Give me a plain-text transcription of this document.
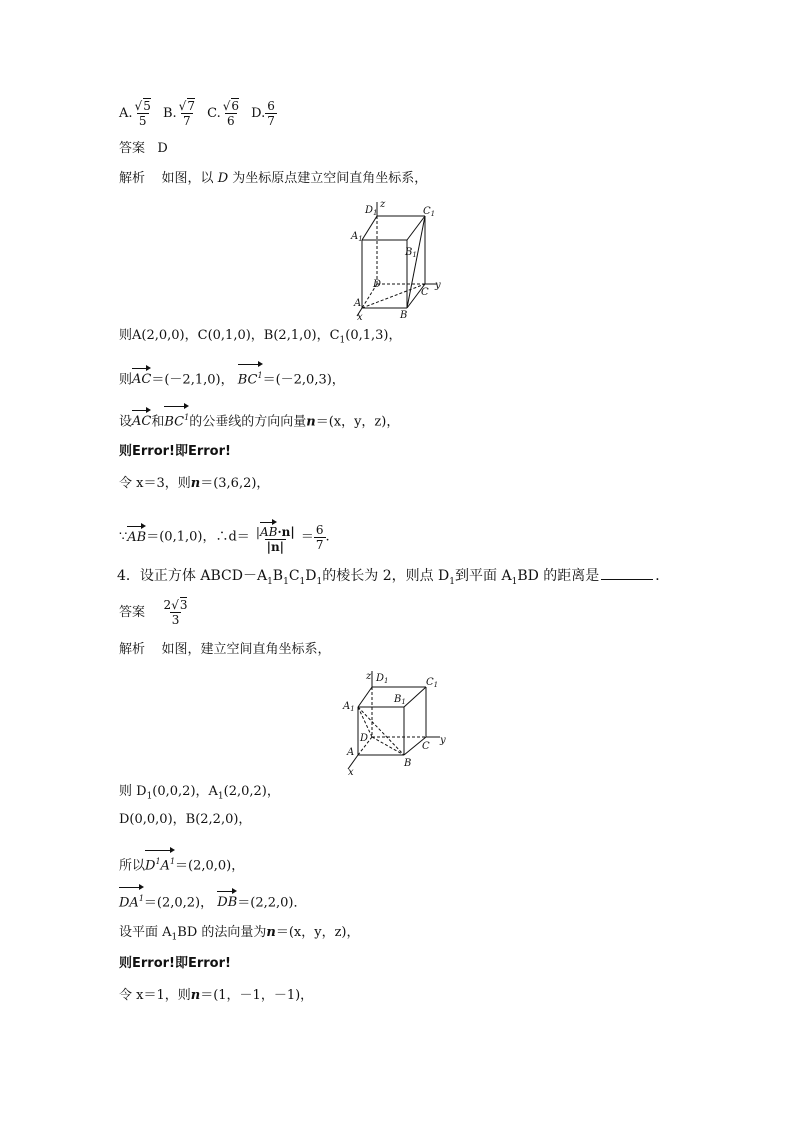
A. $\frac{√5}{5} B$. $\frac{√7}{7} C$. $\frac{√6}{6} D$. $\frac{6}{7}$
答案 D
解析 如图，以 D 为坐标原点建立空间直角坐标系，
$D_1$
z
$C_1$
$A_1$
$B_1$
D
C
y
A
B
x
则A(2,0,0)，C(0,1,0)，B(2,1,0)，$C_1(0,1,3)$，
则AC＝(－2,1,0)， $BC^1=(-2,0,3)$，
设AC和$BC^1$的公垂线的方向向量n＝(x，y，z)，
则Error!即Error!
令 x＝3，则n＝(3,6,2)，
∵AB＝(0,1,0)，∴d＝ $\frac{|AB\cdot n|}{|n|} = \frac{6}{7}$ .
4．设正方体 $ABCD-A_1B_1C_1D_1$的棱长为 2，则点 $D_1$到平面 $A_1BD$ 的距离是	．
答案 $\frac{2√3}{3}$
解析 如图，建立空间直角坐标系，
z $D_1$	$C_1$
$B_1$
$A_1$
D
C
y
A
B
x
则 $D_1(0,0,2)$，$A_1(2,0,2)$，
D(0,0,0)，B(2,2,0)，
所以$D^1A^1=(2,0,0)$，
$DA^1=(2,0,2)$， DB＝(2,2,0)．
设平面 $A_1BD$ 的法向量为n＝(x，y，z)，
则Error!即Error!
令 x＝1，则n＝(1，－1，－1)，
